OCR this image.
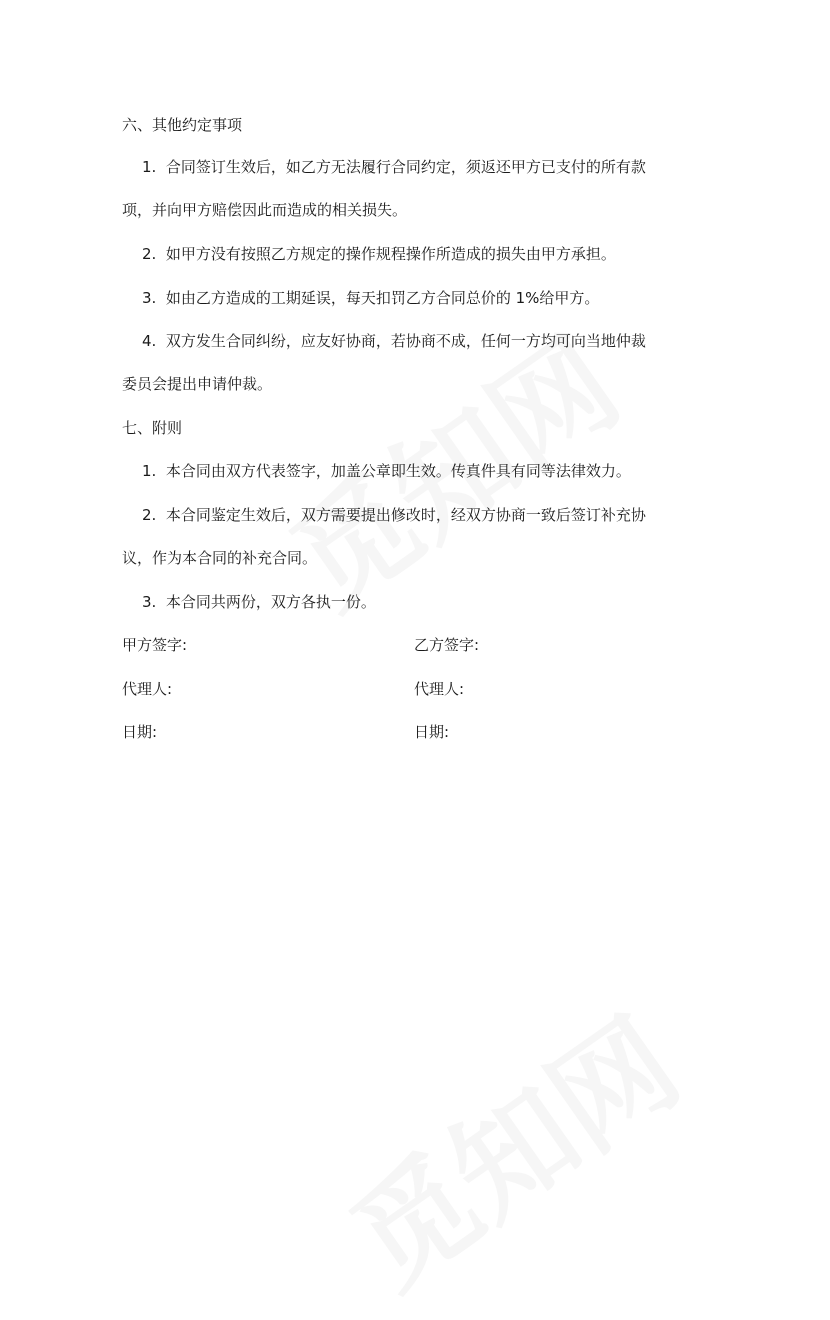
六、其他约定事项
1. 合同签订生效后，如乙方无法履行合同约定，须返还甲方已支付的所有款
项，并向甲方赔偿因此而造成的相关损失。
2. 如甲方没有按照乙方规定的操作规程操作所造成的损失由甲方承担。
3. 如由乙方造成的工期延误，每天扣罚乙方合同总价的 1%给甲方。
4. 双方发生合同纠纷，应友好协商，若协商不成，任何一方均可向当地仲裁
委员会提出申请仲裁。
七、附则
1. 本合同由双方代表签字，加盖公章即生效。传真件具有同等法律效力。
2. 本合同鉴定生效后，双方需要提出修改时，经双方协商一致后签订补充协
议，作为本合同的补充合同。
3. 本合同共两份，双方各执一份。
甲方签字:	乙方签字:
代理人:	代理人:
日期:	日期:
